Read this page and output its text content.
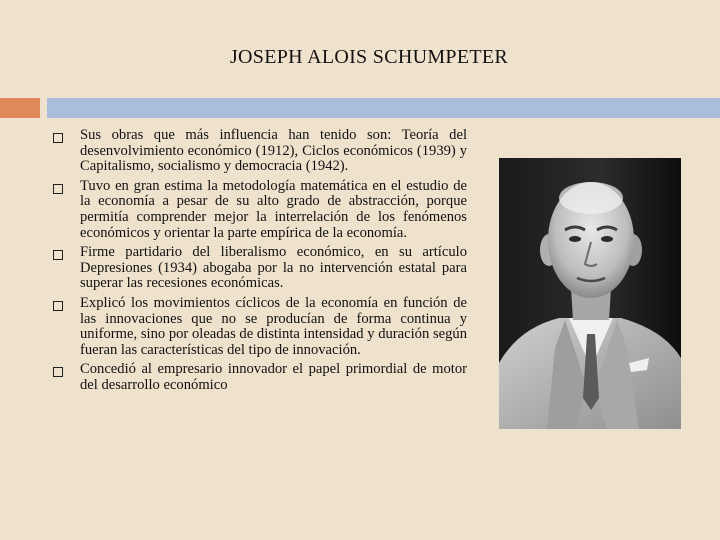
JOSEPH ALOIS SCHUMPETER
Sus obras que más influencia han tenido son: Teoría del desenvolvimiento económico (1912), Ciclos económicos (1939) y Capitalismo, socialismo y democracia (1942).
Tuvo en gran estima la metodología matemática en el estudio de la economía a pesar de su alto grado de abstracción, porque permitía comprender mejor la interrelación de los fenómenos económicos y orientar la parte empírica de la economía.
Firme partidario del liberalismo económico, en su artículo Depresiones (1934) abogaba por la no intervención estatal para superar las recesiones económicas.
Explicó los movimientos cíclicos de la economía en función de las innovaciones que no se producían de forma continua y uniforme, sino por oleadas de distinta intensidad y duración según fueran las características del tipo de innovación.
Concedió al empresario innovador el papel primordial de motor del desarrollo económico
